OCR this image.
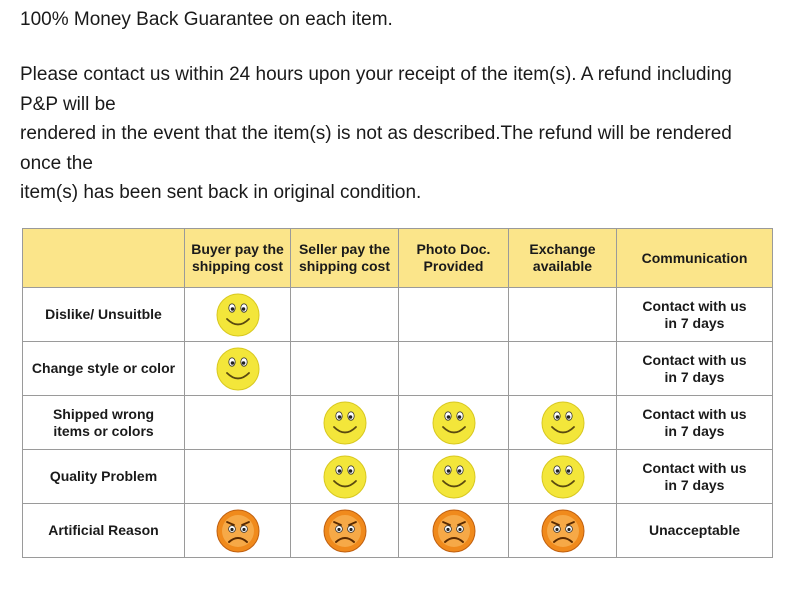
100% Money Back Guarantee on each item.
Please contact us within 24 hours upon your receipt of the item(s). A refund including
P&P will be
rendered in the event that the item(s) is not as described.The refund will be rendered
once the
item(s) has been sent back in original condition.
	Buyer pay the
shipping cost	Seller pay the
shipping cost	Photo Doc.
Provided	Exchange
available	Communication
Dislike/ Unsuitble					Contact with us
in 7 days
Change style or color					Contact with us
in 7 days
Shipped wrong
items or colors					Contact with us
in 7 days
Quality Problem					Contact with us
in 7 days
Artificial Reason					Unacceptable
